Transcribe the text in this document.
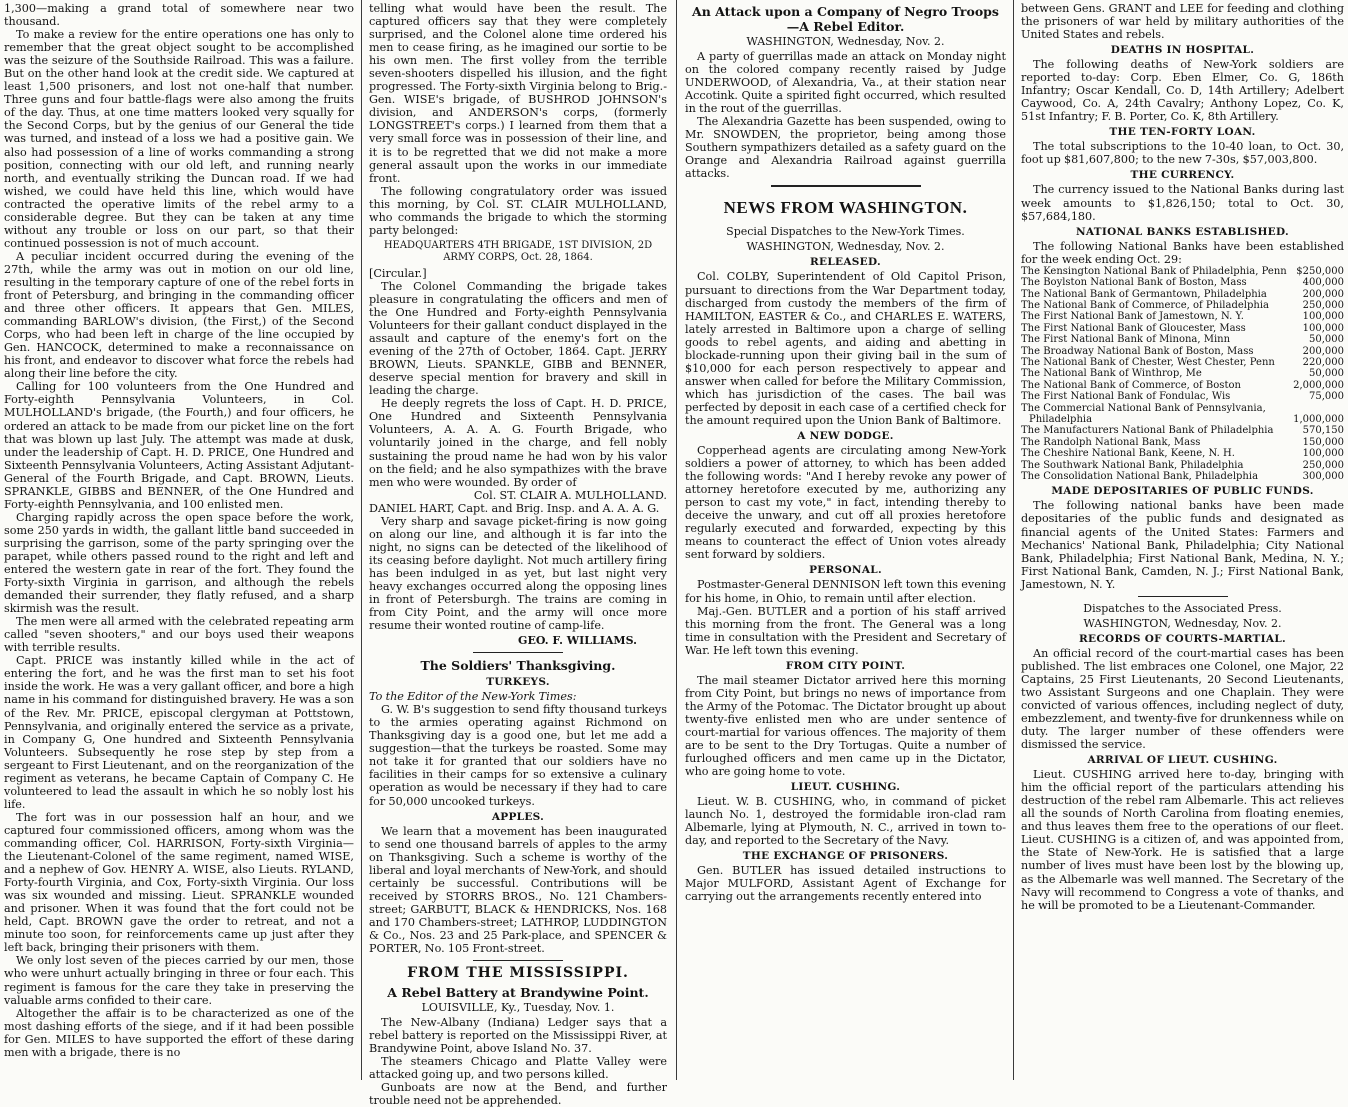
1,300—making a grand total of somewhere near two thousand.

To make a review for the entire operations one has only to remember that the great object sought to be accomplished was the seizure of the Southside Railroad. This was a failure. But on the other hand look at the credit side. We captured at least 1,500 prisoners, and lost not one-half that number. Three guns and four battle-flags were also among the fruits of the day. Thus, at one time matters looked very squally for the Second Corps, but by the genius of our General the tide was turned, and instead of a loss we had a positive gain. We also had possession of a line of works commanding a strong position, connecting with our old left, and running nearly north, and eventually striking the Duncan road. If we had wished, we could have held this line, which would have contracted the operative limits of the rebel army to a considerable degree. But they can be taken at any time without any trouble or loss on our part, so that their continued possession is not of much account.

A peculiar incident occurred during the evening of the 27th, while the army was out in motion on our old line, resulting in the temporary capture of one of the rebel forts in front of Petersburg, and bringing in the commanding officer and three other officers. It appears that Gen. MILES, commanding BARLOW's division, (the First,) of the Second Corps, who had been left in charge of the line occupied by Gen. HANCOCK, determined to make a reconnaissance on his front, and endeavor to discover what force the rebels had along their line before the city.

Calling for 100 volunteers from the One Hundred and Forty-eighth Pennsylvania Volunteers, in Col. MULHOLLAND's brigade, (the Fourth,) and four officers, he ordered an attack to be made from our picket line on the fort that was blown up last July. The attempt was made at dusk, under the leadership of Capt. H. D. PRICE, One Hundred and Sixteenth Pennsylvania Volunteers, Acting Assistant Adjutant-General of the Fourth Brigade, and Capt. BROWN, Lieuts. SPRANKLE, GIBBS and BENNER, of the One Hundred and Forty-eighth Pennsylvania, and 100 enlisted men.

Charging rapidly across the open space before the work, some 250 yards in width, the gallant little band succeeded in surprising the garrison, some of the party springing over the parapet, while others passed round to the right and left and entered the western gate in rear of the fort. They found the Forty-sixth Virginia in garrison, and although the rebels demanded their surrender, they flatly refused, and a sharp skirmish was the result.

The men were all armed with the celebrated repeating arm called "seven shooters," and our boys used their weapons with terrible results.

Capt. PRICE was instantly killed while in the act of entering the fort, and he was the first man to set his foot inside the work. He was a very gallant officer, and bore a high name in his command for distinguished bravery. He was a son of the Rev. Mr. PRICE, episcopal clergyman at Pottstown, Pennsylvania, and originally entered the service as a private, in Company G, One hundred and Sixteenth Pennsylvania Volunteers. Subsequently he rose step by step from a sergeant to First Lieutenant, and on the reorganization of the regiment as veterans, he became Captain of Company C. He volunteered to lead the assault in which he so nobly lost his life.

The fort was in our possession half an hour, and we captured four commissioned officers, among whom was the commanding officer, Col. HARRISON, Forty-sixth Virginia—the Lieutenant-Colonel of the same regiment, named WISE, and a nephew of Gov. HENRY A. WISE, also Lieuts. RYLAND, Forty-fourth Virginia, and Cox, Forty-sixth Virginia. Our loss was six wounded and missing. Lieut. SPRANKLE wounded and prisoner. When it was found that the fort could not be held, Capt. BROWN gave the order to retreat, and not a minute too soon, for reinforcements came up just after they left back, bringing their prisoners with them.

We only lost seven of the pieces carried by our men, those who were unhurt actually bringing in three or four each. This regiment is famous for the care they take in preserving the valuable arms confided to their care.

Altogether the affair is to be characterized as one of the most dashing efforts of the siege, and if it had been possible for Gen. MILES to have supported the effort of these daring men with a brigade, there is no

telling what would have been the result. The captured officers say that they were completely surprised, and the Colonel alone time ordered his men to cease firing, as he imagined our sortie to be his own men. The first volley from the terrible seven-shooters dispelled his illusion, and the fight progressed. The Forty-sixth Virginia belong to Brig.-Gen. WISE's brigade, of BUSHROD JOHNSON's division, and ANDERSON's corps, (formerly LONGSTREET's corps.) I learned from them that a very small force was in possession of their line, and it is to be regretted that we did not make a more general assault upon the works in our immediate front.

The following congratulatory order was issued this morning, by Col. ST. CLAIR MULHOLLAND, who commands the brigade to which the storming party belonged:

HEADQUARTERS 4TH BRIGADE, 1ST DIVISION, 2D ARMY CORPS, Oct. 28, 1864.

[Circular.]

The Colonel Commanding the brigade takes pleasure in congratulating the officers and men of the One Hundred and Forty-eighth Pennsylvania Volunteers for their gallant conduct displayed in the assault and capture of the enemy's fort on the evening of the 27th of October, 1864. Capt. JERRY BROWN, Lieuts. SPANKLE, GIBB and BENNER, deserve special mention for bravery and skill in leading the charge.

He deeply regrets the loss of Capt. H. D. PRICE, One Hundred and Sixteenth Pennsylvania Volunteers, A. A. A. G. Fourth Brigade, who voluntarily joined in the charge, and fell nobly sustaining the proud name he had won by his valor on the field; and he also sympathizes with the brave men who were wounded. By order of

Col. ST. CLAIR A. MULHOLLAND.

DANIEL HART, Capt. and Brig. Insp. and A. A. A. G.

Very sharp and savage picket-firing is now going on along our line, and although it is far into the night, no signs can be detected of the likelihood of its ceasing before daylight. Not much artillery firing has been indulged in as yet, but last night very heavy exchanges occurred along the opposing lines in front of Petersburgh. The trains are coming in from City Point, and the army will once more resume their wonted routine of camp-life.

GEO. F. WILLIAMS.
The Soldiers' Thanksgiving.
TURKEYS.

To the Editor of the New-York Times:

G. W. B's suggestion to send fifty thousand turkeys to the armies operating against Richmond on Thanksgiving day is a good one, but let me add a suggestion—that the turkeys be roasted. Some may not take it for granted that our soldiers have no facilities in their camps for so extensive a culinary operation as would be necessary if they had to care for 50,000 uncooked turkeys.

APPLES.

We learn that a movement has been inaugurated to send one thousand barrels of apples to the army on Thanksgiving. Such a scheme is worthy of the liberal and loyal merchants of New-York, and should certainly be successful. Contributions will be received by STORRS BROS., No. 121 Chambers-street; GARBUTT, BLACK & HENDRICKS, Nos. 168 and 170 Chambers-street; LATHROP, LUDDINGTON & Co., Nos. 23 and 25 Park-place, and SPENCER & PORTER, No. 105 Front-street.

FROM THE MISSISSIPPI.
A Rebel Battery at Brandywine Point.
LOUISVILLE, Ky., Tuesday, Nov. 1.

The New-Albany (Indiana) Ledger says that a rebel battery is reported on the Mississippi River, at Brandywine Point, above Island No. 37.

The steamers Chicago and Platte Valley were attacked going up, and two persons killed.

Gunboats are now at the Bend, and further trouble need not be apprehended.

An Attack upon a Company of Negro Troops —A Rebel Editor.
WASHINGTON, Wednesday, Nov. 2.

A party of guerrillas made an attack on Monday night on the colored company recently raised by Judge UNDERWOOD, of Alexandria, Va., at their station near Accotink. Quite a spirited fight occurred, which resulted in the rout of the guerrillas.

The Alexandria Gazette has been suspended, owing to Mr. SNOWDEN, the proprietor, being among those Southern sympathizers detailed as a safety guard on the Orange and Alexandria Railroad against guerrilla attacks.

NEWS FROM WASHINGTON.
Special Dispatches to the New-York Times.
WASHINGTON, Wednesday, Nov. 2.
RELEASED.

Col. COLBY, Superintendent of Old Capitol Prison, pursuant to directions from the War Department today, discharged from custody the members of the firm of HAMILTON, EASTER & Co., and CHARLES E. WATERS, lately arrested in Baltimore upon a charge of selling goods to rebel agents, and aiding and abetting in blockade-running upon their giving bail in the sum of $10,000 for each person respectively to appear and answer when called for before the Military Commission, which has jurisdiction of the cases. The bail was perfected by deposit in each case of a certified check for the amount required upon the Union Bank of Baltimore.

A NEW DODGE.

Copperhead agents are circulating among New-York soldiers a power of attorney, to which has been added the following words: "And I hereby revoke any power of attorney heretofore executed by me, authorizing any person to cast my vote," in fact, intending thereby to deceive the unwary, and cut off all proxies heretofore regularly executed and forwarded, expecting by this means to counteract the effect of Union votes already sent forward by soldiers.

PERSONAL.

Postmaster-General DENNISON left town this evening for his home, in Ohio, to remain until after election.

Maj.-Gen. BUTLER and a portion of his staff arrived this morning from the front. The General was a long time in consultation with the President and Secretary of War. He left town this evening.

FROM CITY POINT.

The mail steamer Dictator arrived here this morning from City Point, but brings no news of importance from the Army of the Potomac. The Dictator brought up about twenty-five enlisted men who are under sentence of court-martial for various offences. The majority of them are to be sent to the Dry Tortugas. Quite a number of furloughed officers and men came up in the Dictator, who are going home to vote.

LIEUT. CUSHING.

Lieut. W. B. CUSHING, who, in command of picket launch No. 1, destroyed the formidable iron-clad ram Albemarle, lying at Plymouth, N. C., arrived in town to-day, and reported to the Secretary of the Navy.

THE EXCHANGE OF PRISONERS.

Gen. BUTLER has issued detailed instructions to Major MULFORD, Assistant Agent of Exchange for carrying out the arrangements recently entered into

between Gens. GRANT and LEE for feeding and clothing the prisoners of war held by military authorities of the United States and rebels.

DEATHS IN HOSPITAL.

The following deaths of New-York soldiers are reported to-day: Corp. Eben Elmer, Co. G, 186th Infantry; Oscar Kendall, Co. D, 14th Artillery; Adelbert Caywood, Co. A, 24th Cavalry; Anthony Lopez, Co. K, 51st Infantry; F. B. Porter, Co. K, 8th Artillery.

THE TEN-FORTY LOAN.

The total subscriptions to the 10-40 loan, to Oct. 30, foot up $81,607,800; to the new 7-30s, $57,003,800.

THE CURRENCY.

The currency issued to the National Banks during last week amounts to $1,826,150; total to Oct. 30, $57,684,180.

NATIONAL BANKS ESTABLISHED.

The following National Banks have been established for the week ending Oct. 29:

The Kensington National Bank of Philadelphia, Penn	$250,000
The Boylston National Bank of Boston, Mass	400,000
The National Bank of Germantown, Philadelphia	200,000
The National Bank of Commerce, of Philadelphia	250,000
The First National Bank of Jamestown, N. Y.	100,000
The First National Bank of Gloucester, Mass	100,000
The First National Bank of Minona, Minn	50,000
The Broadway National Bank of Boston, Mass	200,000
The National Bank of Chester, West Chester, Penn	220,000
The National Bank of Winthrop, Me	50,000
The National Bank of Commerce, of Boston	2,000,000
The First National Bank of Fondulac, Wis	75,000
The Commercial National Bank of Pennsylvania, Philadelphia	1,000,000
The Manufacturers National Bank of Philadelphia	570,150
The Randolph National Bank, Mass	150,000
The Cheshire National Bank, Keene, N. H.	100,000
The Southwark National Bank, Philadelphia	250,000
The Consolidation National Bank, Philadelphia	300,000
MADE DEPOSITARIES OF PUBLIC FUNDS.

The following national banks have been made depositaries of the public funds and designated as financial agents of the United States: Farmers and Mechanics' National Bank, Philadelphia; City National Bank, Philadelphia; First National Bank, Medina, N. Y.; First National Bank, Camden, N. J.; First National Bank, Jamestown, N. Y.

Dispatches to the Associated Press.
WASHINGTON, Wednesday, Nov. 2.
RECORDS OF COURTS-MARTIAL.

An official record of the court-martial cases has been published. The list embraces one Colonel, one Major, 22 Captains, 25 First Lieutenants, 20 Second Lieutenants, two Assistant Surgeons and one Chaplain. They were convicted of various offences, including neglect of duty, embezzlement, and twenty-five for drunkenness while on duty. The larger number of these offenders were dismissed the service.

ARRIVAL OF LIEUT. CUSHING.

Lieut. CUSHING arrived here to-day, bringing with him the official report of the particulars attending his destruction of the rebel ram Albemarle. This act relieves all the sounds of North Carolina from floating enemies, and thus leaves them free to the operations of our fleet. Lieut. CUSHING is a citizen of, and was appointed from, the State of New-York. He is satisfied that a large number of lives must have been lost by the blowing up, as the Albemarle was well manned. The Secretary of the Navy will recommend to Congress a vote of thanks, and he will be promoted to be a Lieutenant-Commander.
